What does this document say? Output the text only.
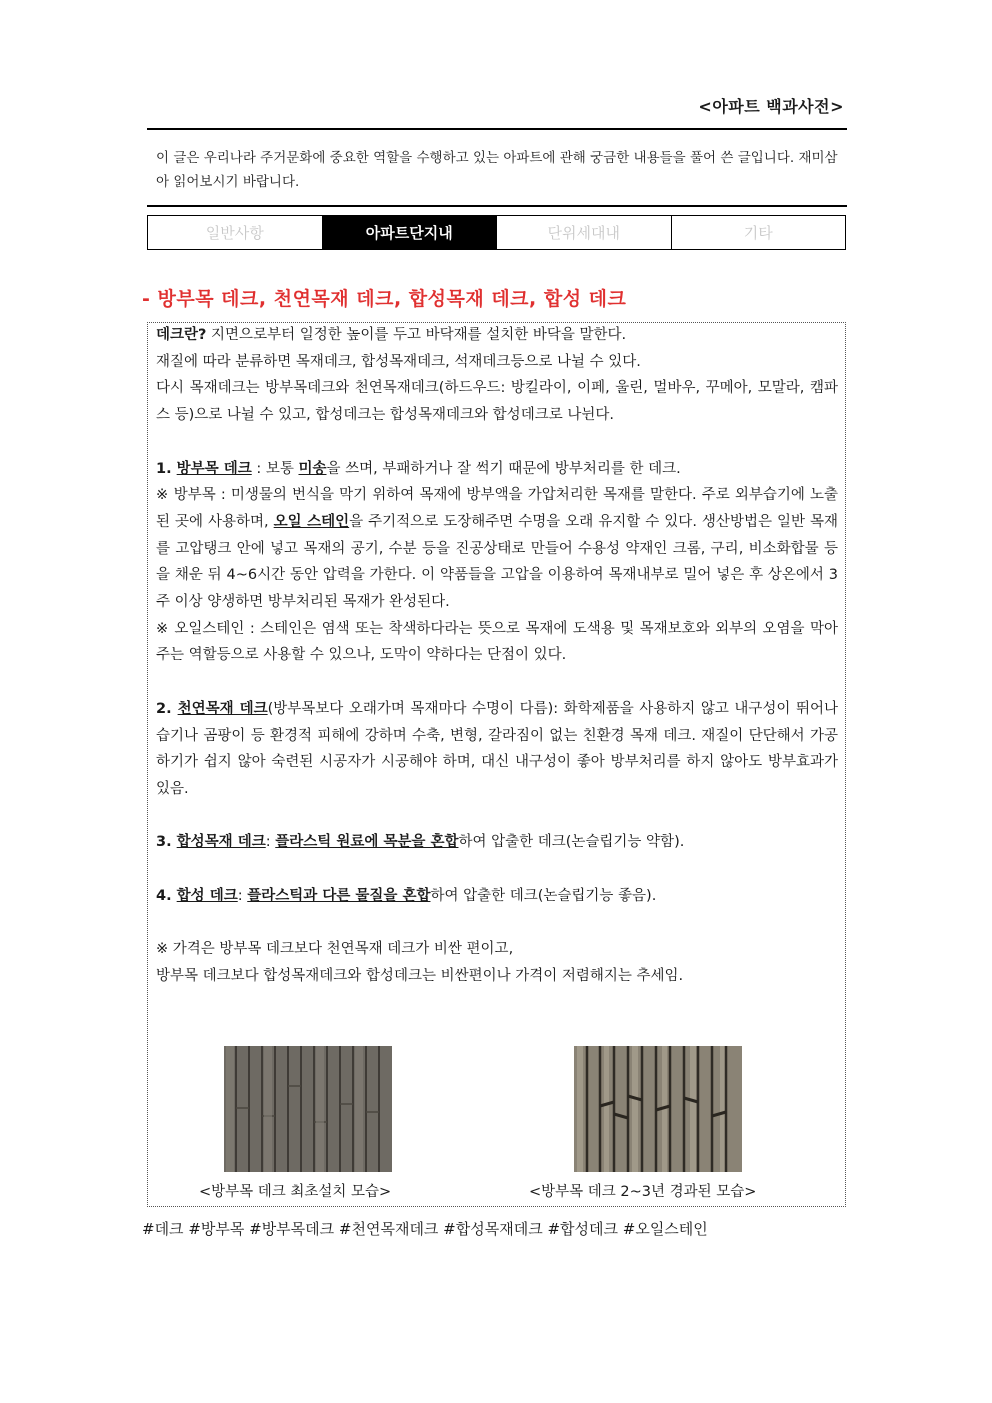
<아파트 백과사전>
이 글은 우리나라 주거문화에 중요한 역할을 수행하고 있는 아파트에 관해 궁금한 내용들을 풀어 쓴 글입니다. 재미삼아 읽어보시기 바랍니다.
일반사항	아파트단지내	단위세대내	기타
- 방부목 데크, 천연목재 데크, 합성목재 데크, 합성 데크

데크란? 지면으로부터 일정한 높이를 두고 바닥재를 설치한 바닥을 말한다.

재질에 따라 분류하면 목재데크, 합성목재데크, 석재데크등으로 나뉠 수 있다.

다시 목재데크는 방부목데크와 천연목재데크(하드우드: 방킬라이, 이페, 울린, 멀바우, 꾸메아, 모말라, 캠파스 등)으로 나뉠 수 있고, 합성데크는 합성목재데크와 합성데크로 나뉜다.

1. 방부목 데크 : 보통 미송을 쓰며, 부패하거나 잘 썩기 때문에 방부처리를 한 데크.

※ 방부목 : 미생물의 번식을 막기 위하여 목재에 방부액을 가압처리한 목재를 말한다. 주로 외부습기에 노출된 곳에 사용하며, 오일 스테인을 주기적으로 도장해주면 수명을 오래 유지할 수 있다. 생산방법은 일반 목재를 고압탱크 안에 넣고 목재의 공기, 수분 등을 진공상태로 만들어 수용성 약재인 크롬, 구리, 비소화합물 등을 채운 뒤 4~6시간 동안 압력을 가한다. 이 약품들을 고압을 이용하여 목재내부로 밀어 넣은 후 상온에서 3주 이상 양생하면 방부처리된 목재가 완성된다.

※ 오일스테인 : 스테인은 염색 또는 착색하다라는 뜻으로 목재에 도색용 및 목재보호와 외부의 오염을 막아주는 역할등으로 사용할 수 있으나, 도막이 약하다는 단점이 있다.

2. 천연목재 데크(방부목보다 오래가며 목재마다 수명이 다름): 화학제품을 사용하지 않고 내구성이 뛰어나 습기나 곰팡이 등 환경적 피해에 강하며 수축, 변형, 갈라짐이 없는 친환경 목재 데크. 재질이 단단해서 가공하기가 쉽지 않아 숙련된 시공자가 시공해야 하며, 대신 내구성이 좋아 방부처리를 하지 않아도 방부효과가 있음.

3. 합성목재 데크: 플라스틱 원료에 목분을 혼합하여 압출한 데크(논슬립기능 약함).

4. 합성 데크: 플라스틱과 다른 물질을 혼합하여 압출한 데크(논슬립기능 좋음).

※ 가격은 방부목 데크보다 천연목재 데크가 비싼 편이고,

방부목 데크보다 합성목재데크와 합성데크는 비싼편이나 가격이 저렴해지는 추세임.

<방부목 데크 최초설치 모습>	<방부목 데크 2~3년 경과된 모습>
#데크 #방부목 #방부목데크 #천연목재데크 #합성목재데크 #합성데크 #오일스테인
